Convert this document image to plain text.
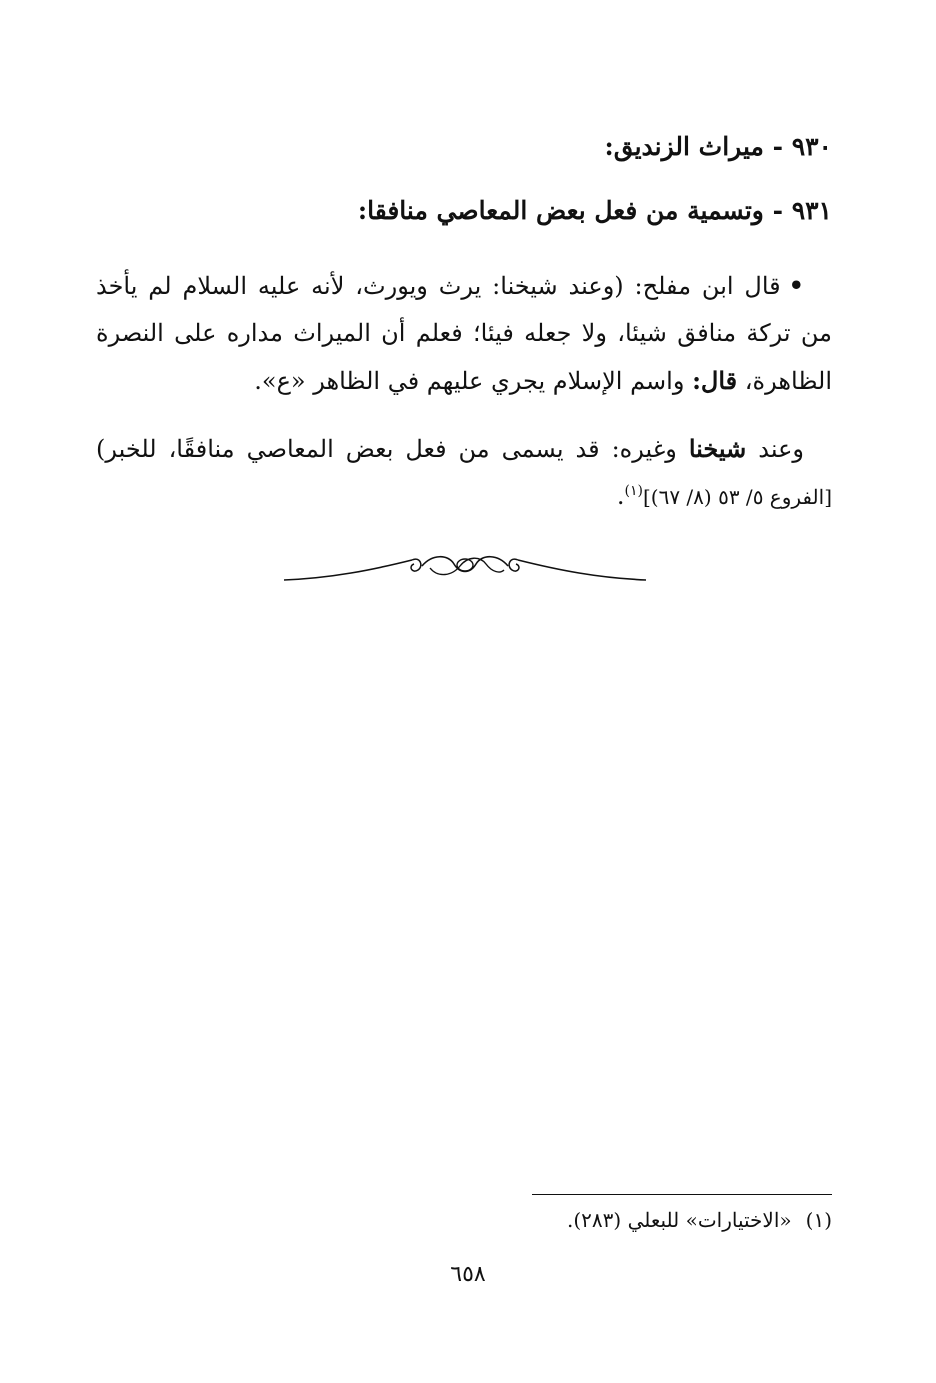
٩٣٠ - ميراث الزنديق:
٩٣١ - وتسمية من فعل بعض المعاصي منافقا:
•قال ابن مفلح: (وعند شيخنا: يرث ويورث، لأنه عليه السلام لم يأخذ من تركة منافق شيئا، ولا جعله فيئا؛ فعلم أن الميراث مداره على النصرة الظاهرة، قال: واسم الإسلام يجري عليهم في الظاهر «ع».
وعند شيخنا وغيره: قد يسمى من فعل بعض المعاصي منافقًا، للخبر) [الفروع ٥/ ٥٣ (٨/ ٦٧)]$^{(١)}$.
(١)«الاختيارات» للبعلي (٢٨٣).
٦٥٨
